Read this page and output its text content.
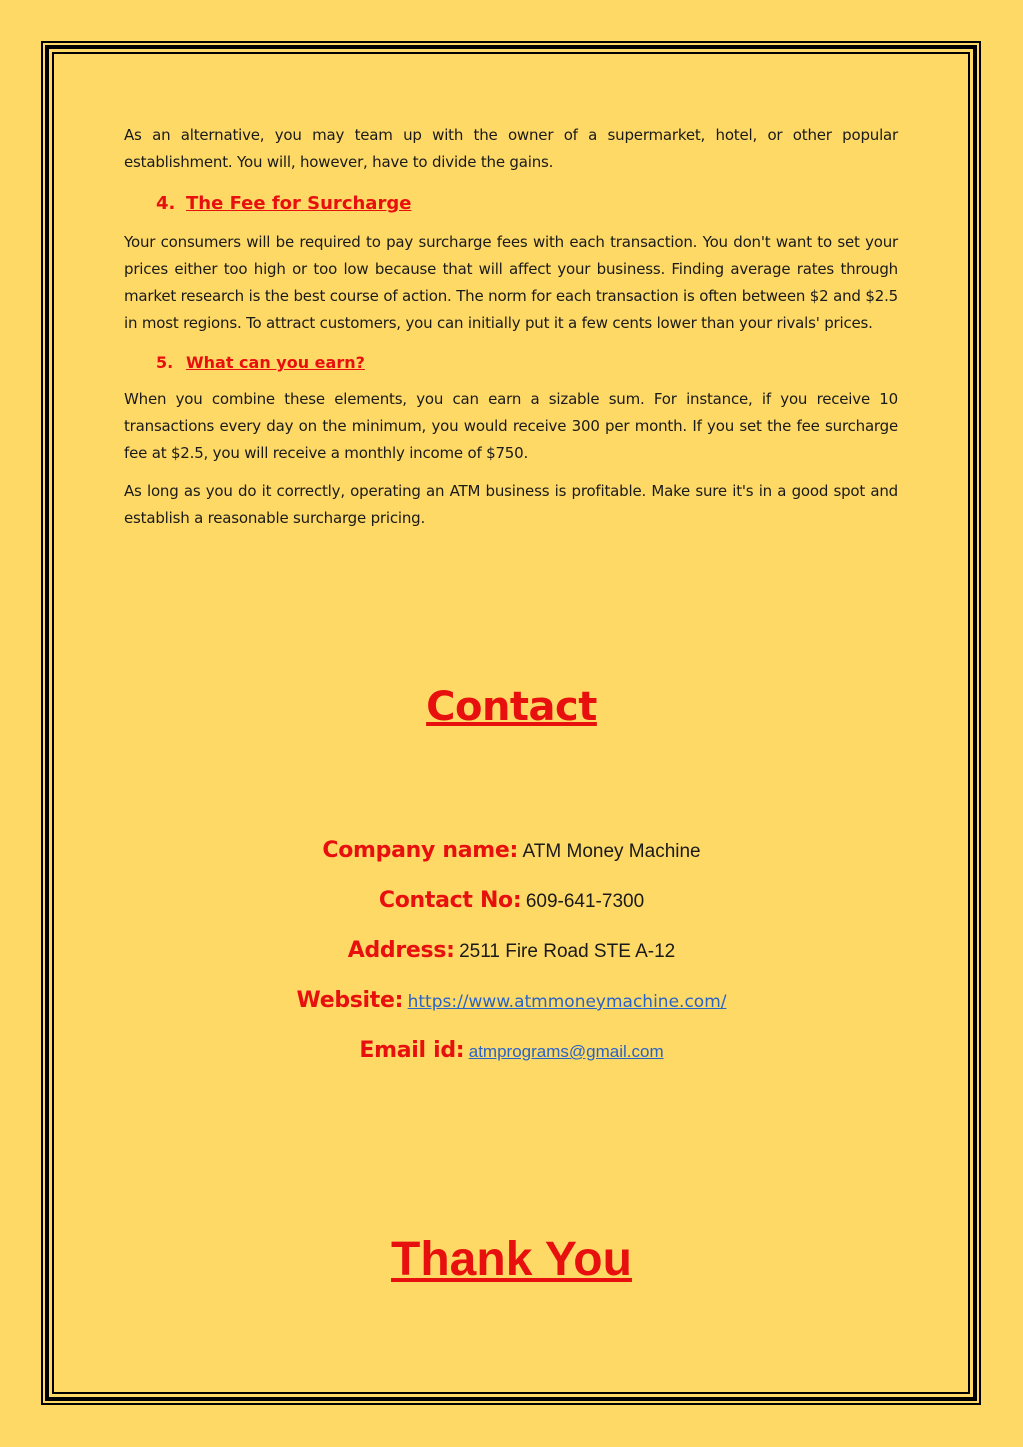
As an alternative, you may team up with the owner of a supermarket, hotel, or other popular establishment. You will, however, have to divide the gains.

4. The Fee for Surcharge

Your consumers will be required to pay surcharge fees with each transaction. You don't want to set your prices either too high or too low because that will affect your business. Finding average rates through market research is the best course of action. The norm for each transaction is often between $2 and $2.5 in most regions. To attract customers, you can initially put it a few cents lower than your rivals' prices.

5. What can you earn?

When you combine these elements, you can earn a sizable sum. For instance, if you receive 10 transactions every day on the minimum, you would receive 300 per month. If you set the fee surcharge fee at $2.5, you will receive a monthly income of $750.

As long as you do it correctly, operating an ATM business is profitable. Make sure it's in a good spot and establish a reasonable surcharge pricing.

Contact
Company name: ATM Money Machine
Contact No: 609-641-7300
Address: 2511 Fire Road STE A-12
Website: https://www.atmmoneymachine.com/
Email id: atmprograms@gmail.com
Thank You
